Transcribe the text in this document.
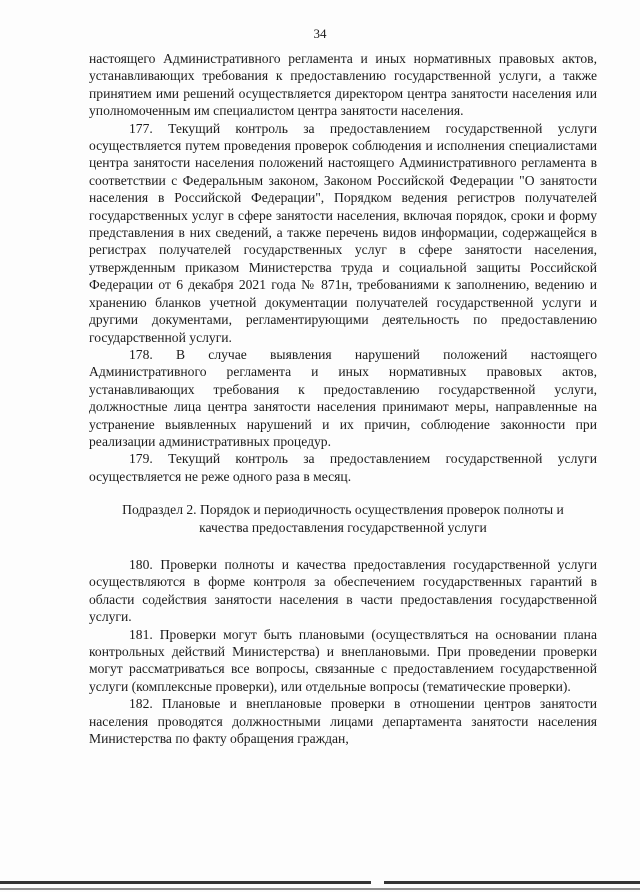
34

настоящего Административного регламента и иных нормативных правовых актов, устанавливающих требования к предоставлению государственной услуги, а также принятием ими решений осуществляется директором центра занятости населения или уполномоченным им специалистом центра занятости населения.

177. Текущий контроль за предоставлением государственной услуги осуществляется путем проведения проверок соблюдения и исполнения специалистами центра занятости населения положений настоящего Административного регламента в соответствии с Федеральным законом, Законом Российской Федерации "О занятости населения в Российской Федерации", Порядком ведения регистров получателей государственных услуг в сфере занятости населения, включая порядок, сроки и форму представления в них сведений, а также перечень видов информации, содержащейся в регистрах получателей государственных услуг в сфере занятости населения, утвержденным приказом Министерства труда и социальной защиты Российской Федерации от 6 декабря 2021 года № 871н, требованиями к заполнению, ведению и хранению бланков учетной документации получателей государственной услуги и другими документами, регламентирующими деятельность по предоставлению государственной услуги.

178. В случае выявления нарушений положений настоящего Административного регламента и иных нормативных правовых актов, устанавливающих требования к предоставлению государственной услуги, должностные лица центра занятости населения принимают меры, направленные на устранение выявленных нарушений и их причин, соблюдение законности при реализации административных процедур.

179. Текущий контроль за предоставлением государственной услуги осуществляется не реже одного раза в месяц.

Подраздел 2. Порядок и периодичность осуществления проверок полноты и качества предоставления государственной услуги

180. Проверки полноты и качества предоставления государственной услуги осуществляются в форме контроля за обеспечением государственных гарантий в области содействия занятости населения в части предоставления государственной услуги.

181. Проверки могут быть плановыми (осуществляться на основании плана контрольных действий Министерства) и внеплановыми. При проведении проверки могут рассматриваться все вопросы, связанные с предоставлением государственной услуги (комплексные проверки), или отдельные вопросы (тематические проверки).

182. Плановые и внеплановые проверки в отношении центров занятости населения проводятся должностными лицами департамента занятости населения Министерства по факту обращения граждан,
